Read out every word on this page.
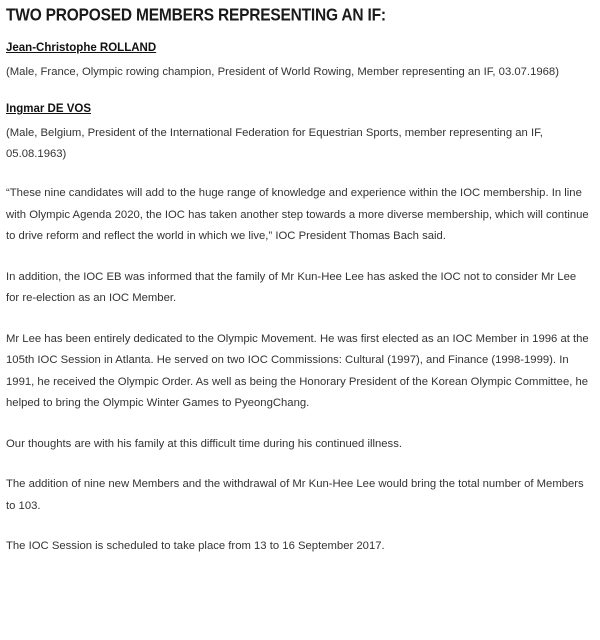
TWO PROPOSED MEMBERS REPRESENTING AN IF:
Jean-Christophe ROLLAND

(Male, France, Olympic rowing champion, President of World Rowing, Member representing an IF, 03.07.1968)

Ingmar DE VOS

(Male, Belgium, President of the International Federation for Equestrian Sports, member representing an IF, 05.08.1963)

“These nine candidates will add to the huge range of knowledge and experience within the IOC membership. In line with Olympic Agenda 2020, the IOC has taken another step towards a more diverse membership, which will continue to drive reform and reflect the world in which we live,” IOC President Thomas Bach said.

In addition, the IOC EB was informed that the family of Mr Kun-Hee Lee has asked the IOC not to consider Mr Lee for re-election as an IOC Member.

Mr Lee has been entirely dedicated to the Olympic Movement. He was first elected as an IOC Member in 1996 at the 105th IOC Session in Atlanta. He served on two IOC Commissions: Cultural (1997), and Finance (1998-1999). In 1991, he received the Olympic Order. As well as being the Honorary President of the Korean Olympic Committee, he helped to bring the Olympic Winter Games to PyeongChang.

Our thoughts are with his family at this difficult time during his continued illness.

The addition of nine new Members and the withdrawal of Mr Kun-Hee Lee would bring the total number of Members to 103.

The IOC Session is scheduled to take place from 13 to 16 September 2017.
